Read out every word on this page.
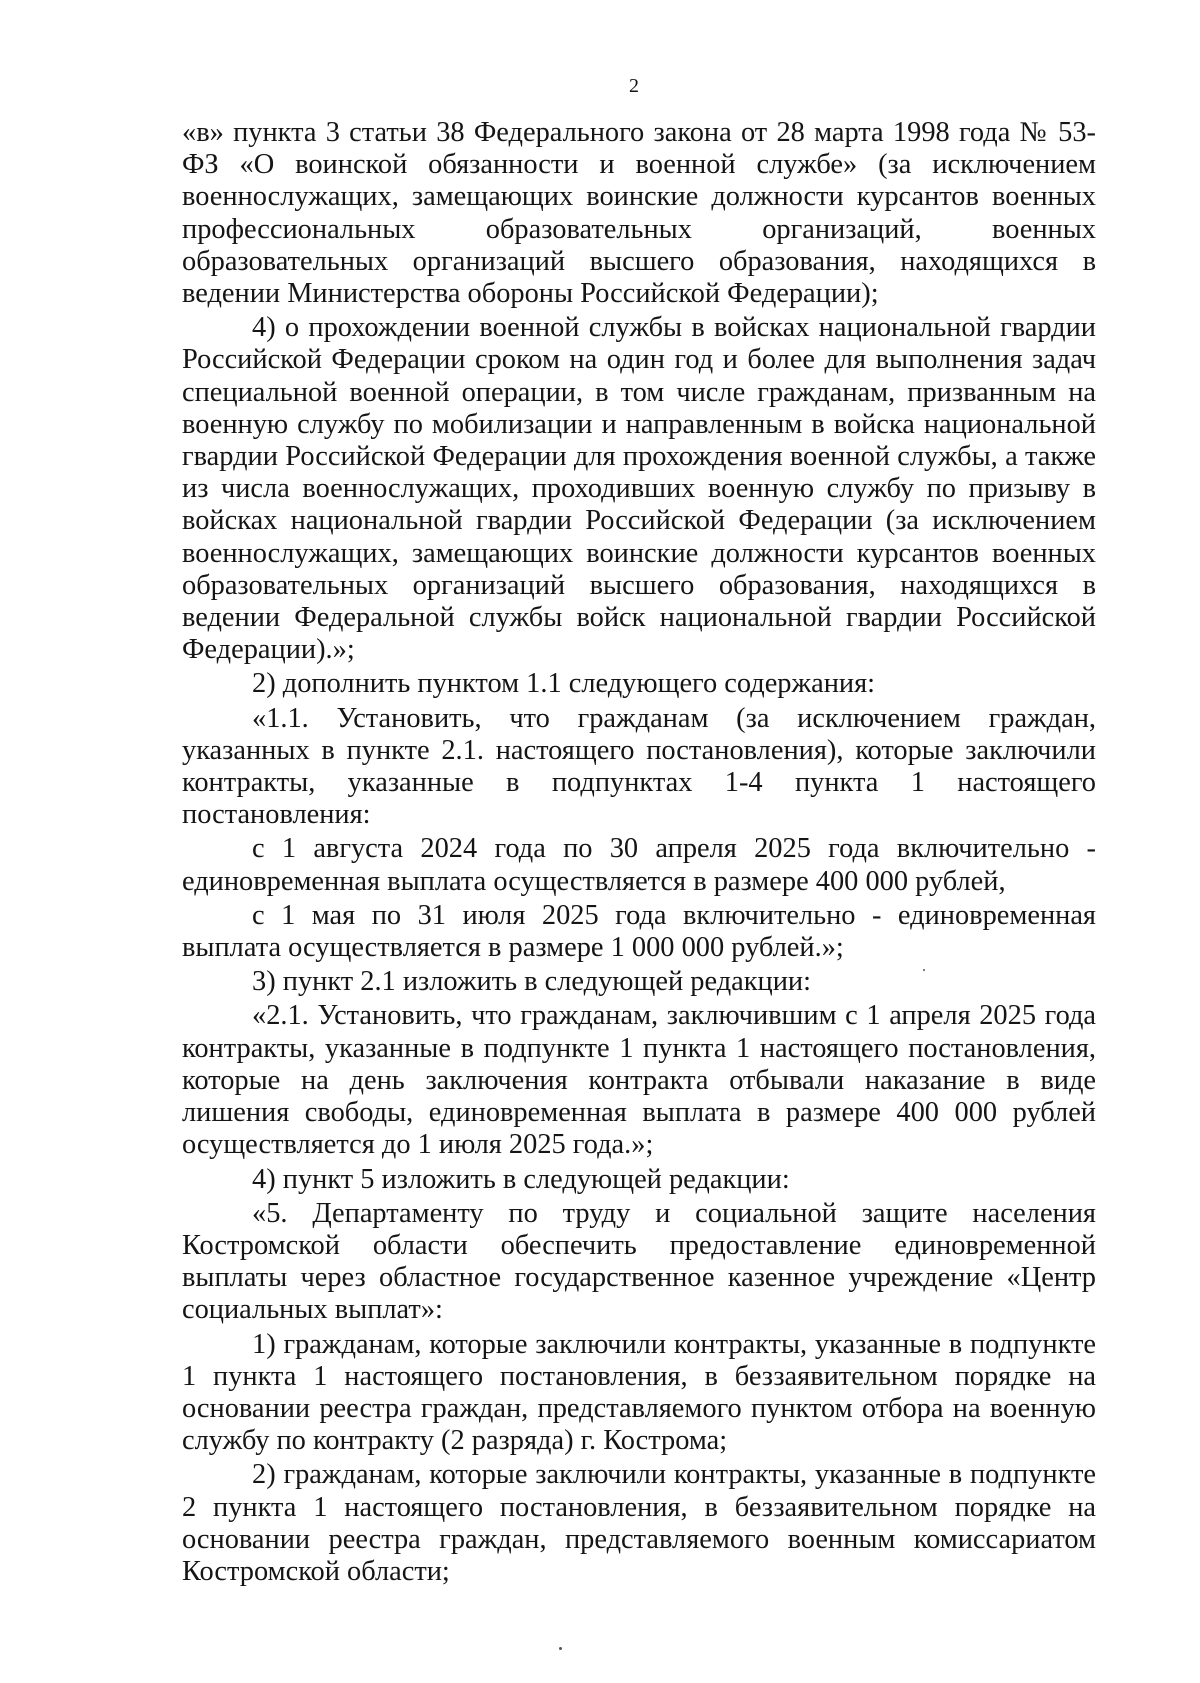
2

«в» пункта 3 статьи 38 Федерального закона от 28 марта 1998 года № 53-ФЗ «О воинской обязанности и военной службе» (за исключением военнослужащих, замещающих воинские должности курсантов военных профессиональных образовательных организаций, военных образовательных организаций высшего образования, находящихся в ведении Министерства обороны Российской Федерации);

4) о прохождении военной службы в войсках национальной гвардии Российской Федерации сроком на один год и более для выполнения задач специальной военной операции, в том числе гражданам, призванным на военную службу по мобилизации и направленным в войска национальной гвардии Российской Федерации для прохождения военной службы, а также из числа военнослужащих, проходивших военную службу по призыву в войсках национальной гвардии Российской Федерации (за исключением военнослужащих, замещающих воинские должности курсантов военных образовательных организаций высшего образования, находящихся в ведении Федеральной службы войск национальной гвардии Российской Федерации).»;

2) дополнить пунктом 1.1 следующего содержания:

«1.1. Установить, что гражданам (за исключением граждан, указанных в пункте 2.1. настоящего постановления), которые заключили контракты, указанные в подпунктах 1-4 пункта 1 настоящего постановления:

с 1 августа 2024 года по 30 апреля 2025 года включительно - единовременная выплата осуществляется в размере 400 000 рублей,

с 1 мая по 31 июля 2025 года включительно - единовременная выплата осуществляется в размере 1 000 000 рублей.»;

3) пункт 2.1 изложить в следующей редакции:

«2.1. Установить, что гражданам, заключившим с 1 апреля 2025 года контракты, указанные в подпункте 1 пункта 1 настоящего постановления, которые на день заключения контракта отбывали наказание в виде лишения свободы, единовременная выплата в размере 400 000 рублей осуществляется до 1 июля 2025 года.»;

4) пункт 5 изложить в следующей редакции:

«5. Департаменту по труду и социальной защите населения Костромской области обеспечить предоставление единовременной выплаты через областное государственное казенное учреждение «Центр социальных выплат»:

1) гражданам, которые заключили контракты, указанные в подпункте 1 пункта 1 настоящего постановления, в беззаявительном порядке на основании реестра граждан, представляемого пунктом отбора на военную службу по контракту (2 разряда) г. Кострома;

2) гражданам, которые заключили контракты, указанные в подпункте 2 пункта 1 настоящего постановления, в беззаявительном порядке на основании реестра граждан, представляемого военным комиссариатом Костромской области;
